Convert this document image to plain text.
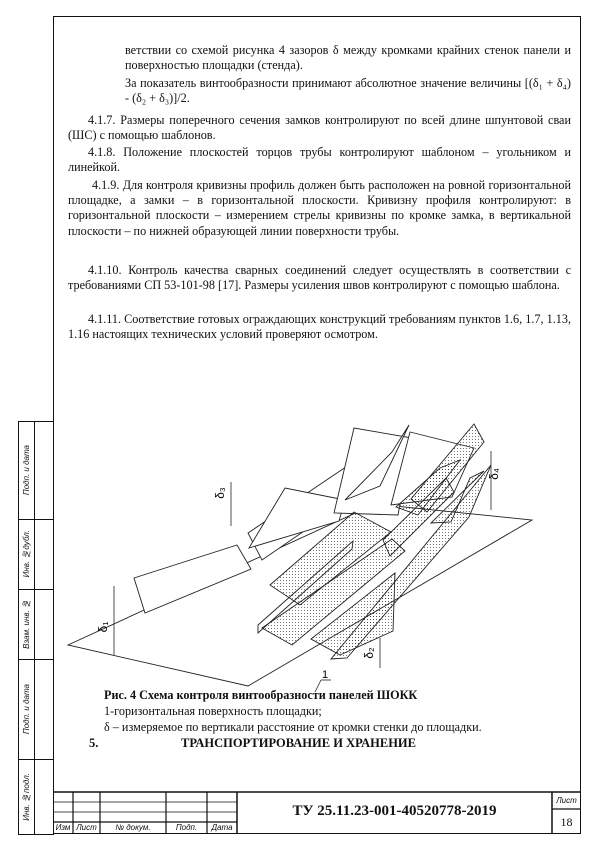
Подп. и дата
Инв. №дубл.
Взам. инв. №
Подп. и дата
Инв. №подл.
ветствии со схемой рисунка 4 зазоров δ между кромками крайних стенок панели и поверхностью площадки (стенда).
За показатель винтообразности принимают абсолютное значение величины [(δ₁ + δ₄) - (δ₂ + δ₃)]/2.
4.1.7. Размеры поперечного сечения замков контролируют по всей длине шпунтовой сваи (ШС) с помощью шаблонов.
4.1.8. Положение плоскостей торцов трубы контролируют шаблоном – угольником и линейкой.
4.1.9. Для контроля кривизны профиль должен быть расположен на ровной горизонтальной площадке, а замки – в горизонтальной плоскости. Кривизну профиля контролируют: в горизонтальной плоскости – измерением стрелы кривизны по кромке замка, в вертикальной плоскости – по нижней образующей линии поверхности трубы.
4.1.10. Контроль качества сварных соединений следует осуществлять в соответствии с требованиями СП 53-101-98 [17]. Размеры усиления швов контролируют с помощью шаблона.
4.1.11. Соответствие готовых ограждающих конструкций требованиям пунктов 1.6, 1.7, 1.13, 1.16 настоящих технических условий проверяют осмотром.
δ₁
δ₂
δ₃
δ₄
1
Рис. 4 Схема контроля винтообразности панелей ШОКК
1-горизонтальная поверхность площадки;
δ – измеряемое по вертикали расстояние от кромки стенки до площадки.
5.	ТРАНСПОРТИРОВАНИЕ И ХРАНЕНИЕ
Изм Лист	№ докум.	Подп.	Дата
ТУ 25.11.23-001-40520778-2019
Лист
18
